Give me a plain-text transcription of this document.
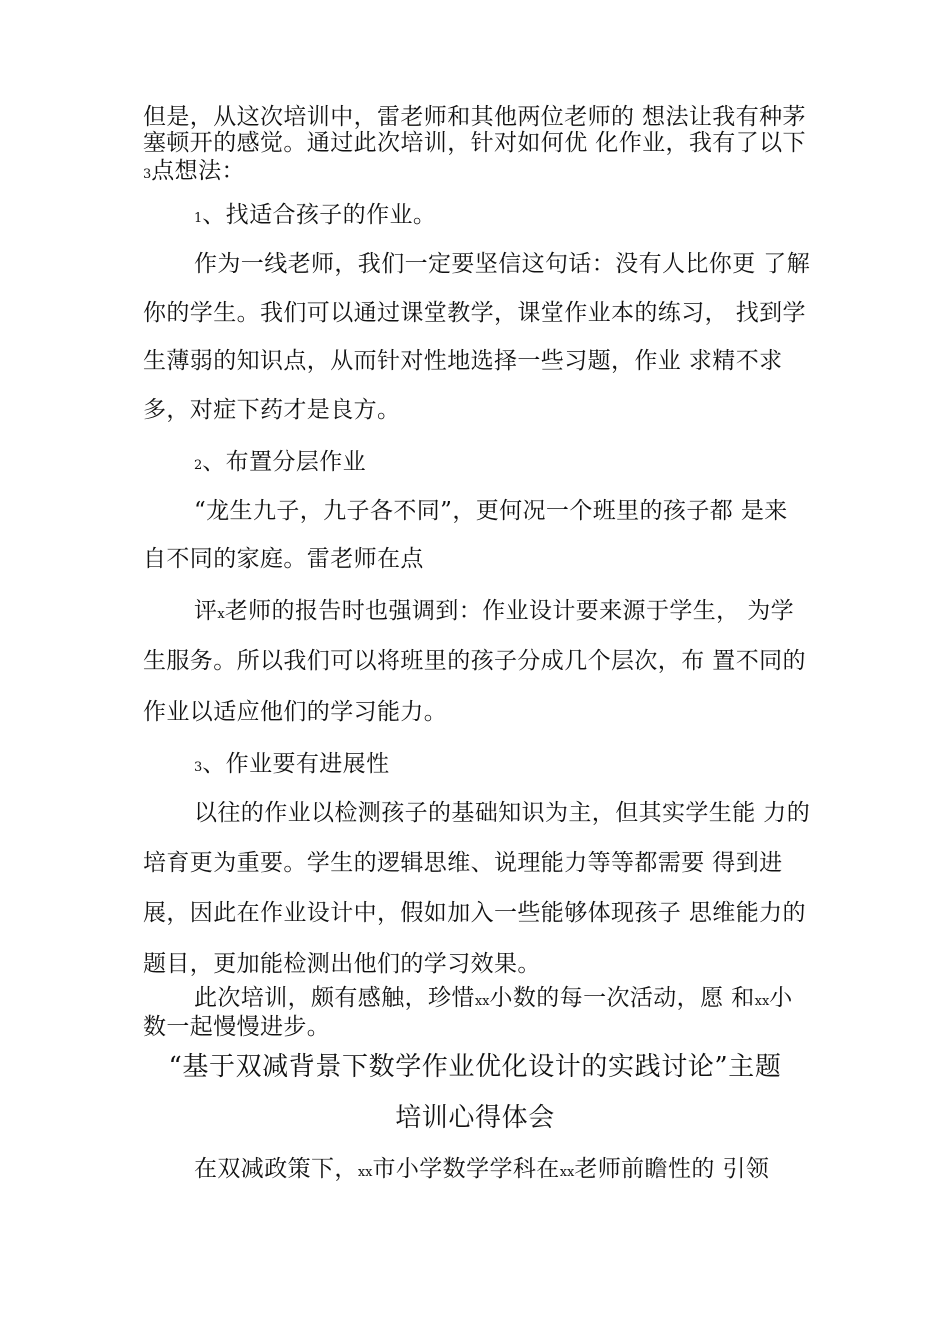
但是，从这次培训中，雷老师和其他两位老师的 想法让我有种茅
塞顿开的感觉。通过此次培训，针对如何优 化作业，我有了以下
3点想法：
1、找适合孩子的作业。
作为一线老师，我们一定要坚信这句话：没有人比你更 了解
你的学生。我们可以通过课堂教学，课堂作业本的练习， 找到学
生薄弱的知识点，从而针对性地选择一些习题，作业 求精不求
多，对症下药才是良方。
2、布置分层作业
“龙生九子，九子各不同”，更何况一个班里的孩子都 是来
自不同的家庭。雷老师在点
评x老师的报告时也强调到：作业设计要来源于学生， 为学
生服务。所以我们可以将班里的孩子分成几个层次，布 置不同的
作业以适应他们的学习能力。
3、作业要有进展性
以往的作业以检测孩子的基础知识为主，但其实学生能 力的
培育更为重要。学生的逻辑思维、说理能力等等都需要 得到进
展，因此在作业设计中，假如加入一些能够体现孩子 思维能力的
题目，更加能检测出他们的学习效果。
此次培训，颇有感触，珍惜xx小数的每一次活动，愿 和xx小
数一起慢慢进步。
“基于双减背景下数学作业优化设计的实践讨论”主题
培训心得体会
在双减政策下，xx市小学数学学科在xx老师前瞻性的 引领
